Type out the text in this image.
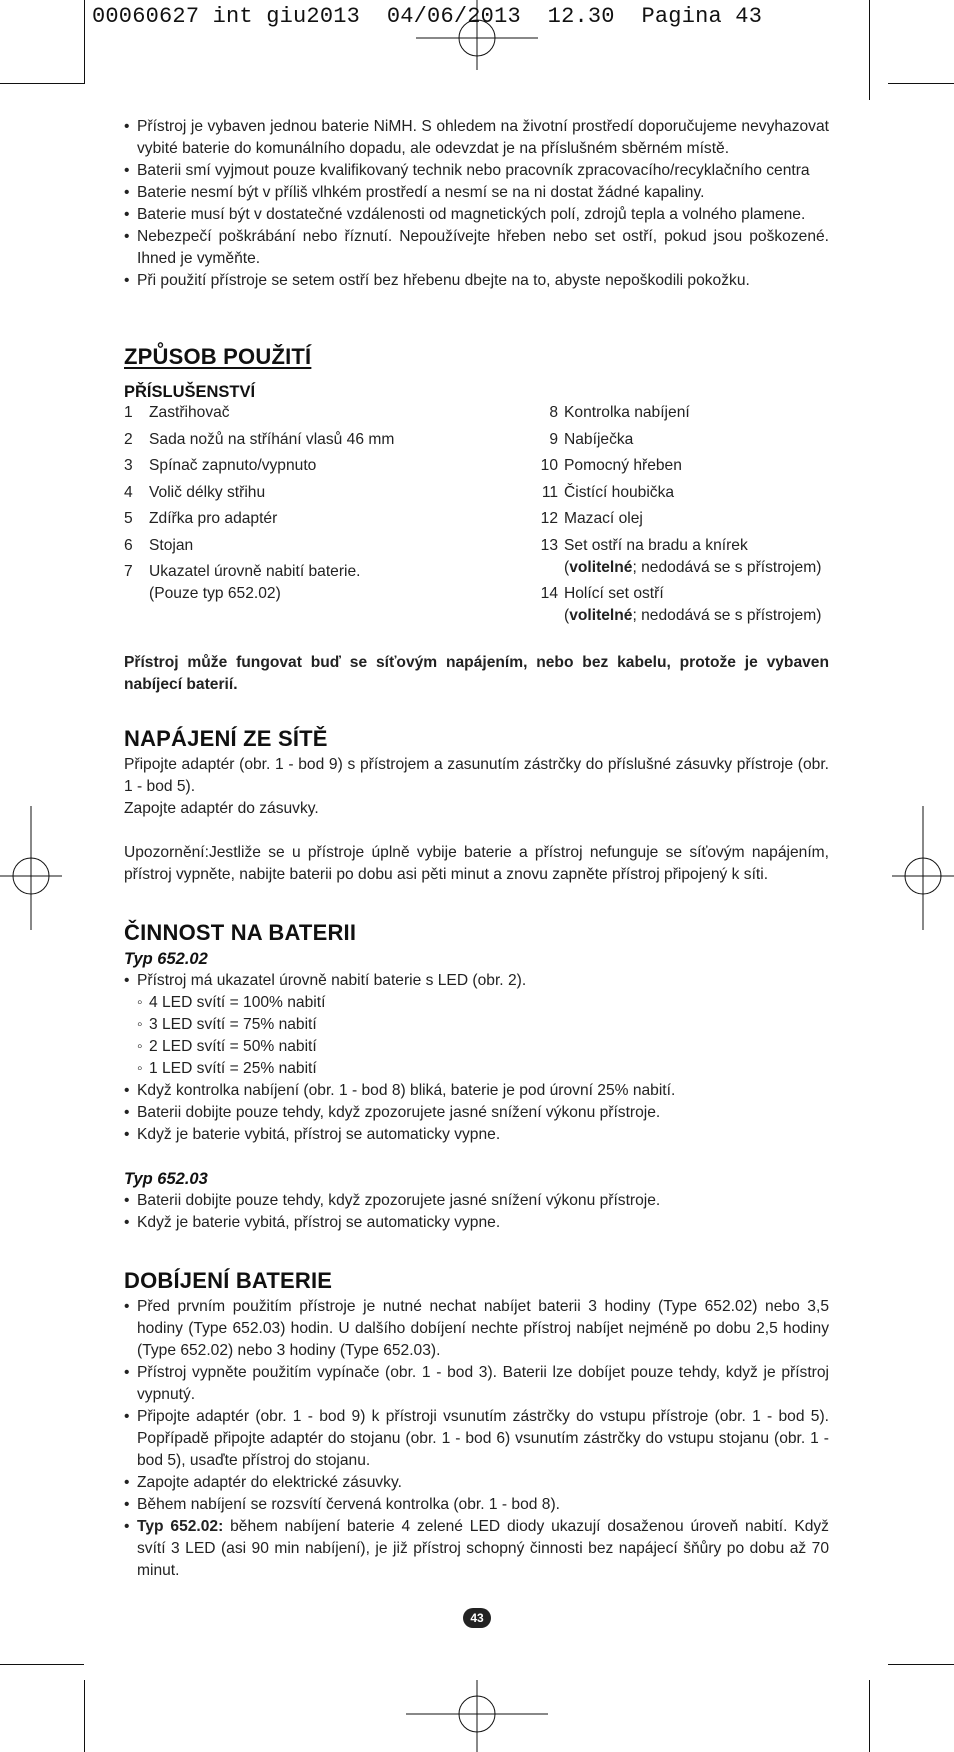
00060627 int giu2013  04/06/2013  12.30  Pagina 43
• Přístroj je vybaven jednou baterie NiMH. S ohledem na životní prostředí doporučujeme nevyhazovat vybité baterie do komunálního dopadu, ale odevzdat je na příslušném sběrném místě.
• Baterii smí vyjmout pouze kvalifikovaný technik nebo pracovník zpracovacího/recyklačního centra
• Baterie nesmí být v příliš vlhkém prostředí a nesmí se na ni dostat žádné kapaliny.
• Baterie musí být v dostatečné vzdálenosti od magnetických polí, zdrojů tepla a volného plamene.
• Nebezpečí poškrábání nebo říznutí. Nepoužívejte hřeben nebo set ostří, pokud jsou poškozené. Ihned je vyměňte.
• Při použití přístroje se setem ostří bez hřebenu dbejte na to, abyste nepoškodili pokožku.
ZPŮSOB POUŽITÍ
PŘÍSLUŠENSTVÍ
1	Zastřihovač
2	Sada nožů na stříhání vlasů 46 mm
3	Spínač zapnuto/vypnuto
4	Volič délky střihu
5	Zdířka pro adaptér
6	Stojan
7	Ukazatel úrovně nabití baterie.
(Pouze typ 652.02)
8 Kontrolka nabíjení
9 Nabíječka
10 Pomocný hřeben
11 Čistící houbička
12 Mazací olej
13 Set ostří na bradu a knírek
(volitelné; nedodává se s přístrojem)
14 Holící set ostří
(volitelné; nedodává se s přístrojem)

Přístroj může fungovat buď se síťovým napájením, nebo bez kabelu, protože je vybaven nabíjecí baterií.

NAPÁJENÍ ZE SÍTĚ

Připojte adaptér (obr. 1 - bod 9) s přístrojem a zasunutím zástrčky do příslušné zásuvky přístroje (obr. 1 - bod 5).

Zapojte adaptér do zásuvky.

Upozornění:Jestliže se u přístroje úplně vybije baterie a přístroj nefunguje se síťovým napájením, přístroj vypněte, nabijte baterii po dobu asi pěti minut a znovu zapněte přístroj připojený k síti.

ČINNOST NA BATERII
Typ 652.02
• Přístroj má ukazatel úrovně nabití baterie s LED (obr. 2).
◦ 4 LED svítí = 100% nabití
◦ 3 LED svítí = 75% nabití
◦ 2 LED svítí = 50% nabití
◦ 1 LED svítí = 25% nabití
• Když kontrolka nabíjení (obr. 1 - bod 8) bliká, baterie je pod úrovní 25% nabití.
• Baterii dobijte pouze tehdy, když zpozorujete jasné snížení výkonu přístroje.
• Když je baterie vybitá, přístroj se automaticky vypne.
Typ 652.03
• Baterii dobijte pouze tehdy, když zpozorujete jasné snížení výkonu přístroje.
• Když je baterie vybitá, přístroj se automaticky vypne.
DOBÍJENÍ BATERIE
• Před prvním použitím přístroje je nutné nechat nabíjet baterii 3 hodiny (Type 652.02) nebo 3,5 hodiny (Type 652.03) hodin. U dalšího dobíjení nechte přístroj nabíjet nejméně po dobu 2,5 hodiny (Type 652.02) nebo 3 hodiny (Type 652.03).
• Přístroj vypněte použitím vypínače (obr. 1 - bod 3). Baterii lze dobíjet pouze tehdy, když je přístroj vypnutý.
• Připojte adaptér (obr. 1 - bod 9) k přístroji vsunutím zástrčky do vstupu přístroje (obr. 1 - bod 5). Popřípadě připojte adaptér do stojanu (obr. 1 - bod 6) vsunutím zástrčky do vstupu stojanu (obr. 1 - bod 5), usaďte přístroj do stojanu.
• Zapojte adaptér do elektrické zásuvky.
• Během nabíjení se rozsvítí červená kontrolka (obr. 1 - bod 8).
• Typ 652.02: během nabíjení baterie 4 zelené LED diody ukazují dosaženou úroveň nabití. Když svítí 3 LED (asi 90 min nabíjení), je již přístroj schopný činnosti bez napájecí šňůry po dobu až 70 minut.
43
